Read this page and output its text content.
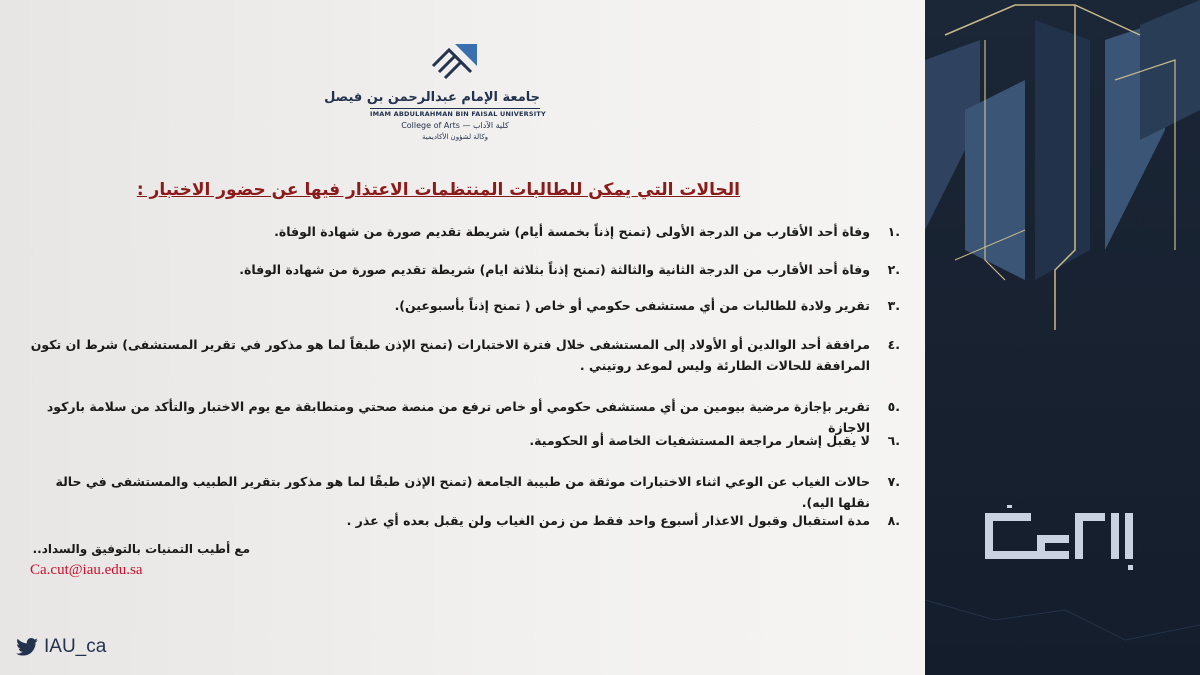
جامعة الإمام عبدالرحمن بن فيصل
IMAM ABDULRAHMAN BIN FAISAL UNIVERSITY
College of Arts — كلية الآداب
وكالة لشؤون الأكاديمية
الحالات التي يمكن للطالبات المنتظمات الاعتذار فيها عن حضور الاختبار :
.١
وفاة أحد الأقارب من الدرجة الأولى (تمنح إذناً بخمسة أيام) شريطة تقديم صورة من شهادة الوفاة.
.٢
وفاة أحد الأقارب من الدرجة الثانية والثالثة (تمنح إذناً بثلاثة ايام) شريطة تقديم صورة من شهادة الوفاة.
.٣
تقرير ولادة للطالبات من أي مستشفى حكومي أو خاص ( تمنح إذناً بأسبوعين).
.٤
مرافقة أحد الوالدين أو الأولاد إلى المستشفى خلال فترة الاختبارات (تمنح الإذن طبقاً لما هو مذكور في تقرير المستشفى) شرط ان تكون المرافقة للحالات الطارئة وليس لموعد روتيني .
.٥
تقرير بإجازة مرضية بيومين من أي مستشفى حكومي أو خاص ترفع من منصة صحتي ومتطابقة مع يوم الاختبار والتأكد من سلامة باركود الاجازة
.٦
لا يقبل إشعار مراجعة المستشفيات الخاصة أو الحكومية.
.٧
حالات الغياب عن الوعي اثناء الاختبارات موثقة من طبيبة الجامعة (تمنح الإذن طبقًا لما هو مذكور بتقرير الطبيب والمستشفى في حالة نقلها اليه).
.٨
مدة استقبال وقبول الاعذار أسبوع واحد فقط من زمن الغياب ولن يقبل بعده أي عذر .
مع أطيب التمنيات بالتوفيق والسداد..
Ca.cut@iau.edu.sa
IAU_ca
